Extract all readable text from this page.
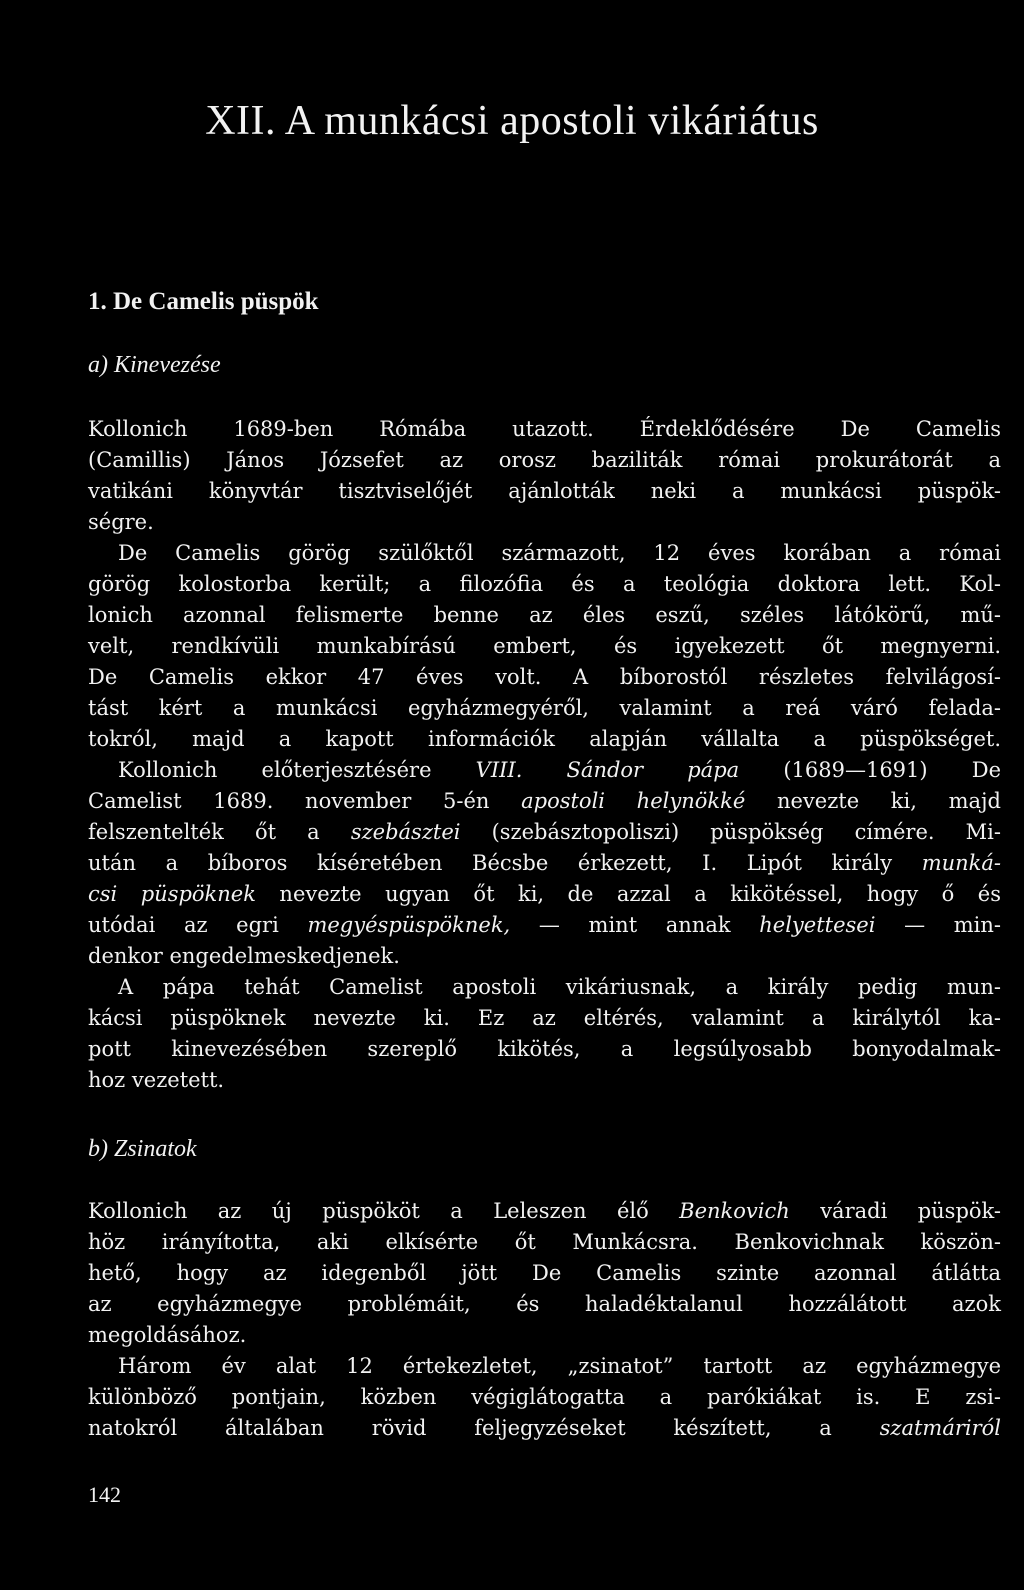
XII. A munkácsi apostoli vikáriátus
1. De Camelis püspök
a) Kinevezése
Kollonich 1689-ben Rómába utazott. Érdeklődésére De Camelis
(Camillis) János Józsefet az orosz baziliták római prokurátorát a
vatikáni könyvtár tisztviselőjét ajánlották neki a munkácsi püspök-
ségre.
De Camelis görög szülőktől származott, 12 éves korában a római
görög kolostorba került; a filozófia és a teológia doktora lett. Kol-
lonich azonnal felismerte benne az éles eszű, széles látókörű, mű-
velt, rendkívüli munkabírású embert, és igyekezett őt megnyerni.
De Camelis ekkor 47 éves volt. A bíborostól részletes felvilágosí-
tást kért a munkácsi egyházmegyéről, valamint a reá váró felada-
tokról, majd a kapott információk alapján vállalta a püspökséget.
Kollonich előterjesztésére VIII. Sándor pápa (1689—1691) De
Camelist 1689. november 5-én apostoli helynökké nevezte ki, majd
felszentelték őt a szebásztei (szebásztopoliszi) püspökség címére. Mi-
után a bíboros kíséretében Bécsbe érkezett, I. Lipót király munká-
csi püspöknek nevezte ugyan őt ki, de azzal a kikötéssel, hogy ő és
utódai az egri megyéspüspöknek, — mint annak helyettesei — min-
denkor engedelmeskedjenek.
A pápa tehát Camelist apostoli vikáriusnak, a király pedig mun-
kácsi püspöknek nevezte ki. Ez az eltérés, valamint a királytól ka-
pott kinevezésében szereplő kikötés, a legsúlyosabb bonyodalmak-
hoz vezetett.
b) Zsinatok
Kollonich az új püspököt a Leleszen élő Benkovich váradi püspök-
höz irányította, aki elkísérte őt Munkácsra. Benkovichnak köszön-
hető, hogy az idegenből jött De Camelis szinte azonnal átlátta
az egyházmegye problémáit, és haladéktalanul hozzálátott azok
megoldásához.
Három év alat 12 értekezletet, „zsinatot” tartott az egyházmegye
különböző pontjain, közben végiglátogatta a parókiákat is. E zsi-
natokról általában rövid feljegyzéseket készített, a szatmáriról
142
